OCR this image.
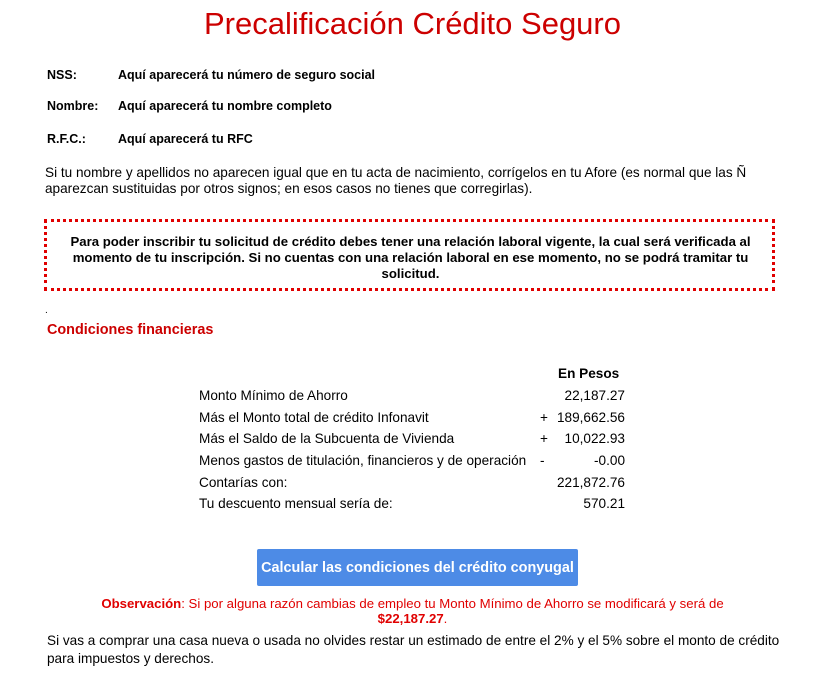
Precalificación Crédito Seguro
NSS:	Aquí aparecerá tu número de seguro social
Nombre:	Aquí aparecerá tu nombre completo
R.F.C.:	Aquí aparecerá tu RFC
Si tu nombre y apellidos no aparecen igual que en tu acta de nacimiento, corrígelos en tu Afore (es normal que las Ñ aparezcan sustituidas por otros signos; en esos casos no tienes que corregirlas).
Para poder inscribir tu solicitud de crédito debes tener una relación laboral vigente, la cual será verificada al momento de tu inscripción. Si no cuentas con una relación laboral en ese momento, no se podrá tramitar tu solicitud.
.
Condiciones financieras
En Pesos
Monto Mínimo de Ahorro	22,187.27
Más el Monto total de crédito Infonavit	+ 189,662.56
Más el Saldo de la Subcuenta de Vivienda	+ 10,022.93
Menos gastos de titulación, financieros y de operación -	-0.00
Contarías con:	221,872.76
Tu descuento mensual sería de:	570.21
Calcular las condiciones del crédito conyugal
Observación: Si por alguna razón cambias de empleo tu Monto Mínimo de Ahorro se modificará y será de
$22,187.27.
Si vas a comprar una casa nueva o usada no olvides restar un estimado de entre el 2% y el 5% sobre el monto de crédito para impuestos y derechos.
